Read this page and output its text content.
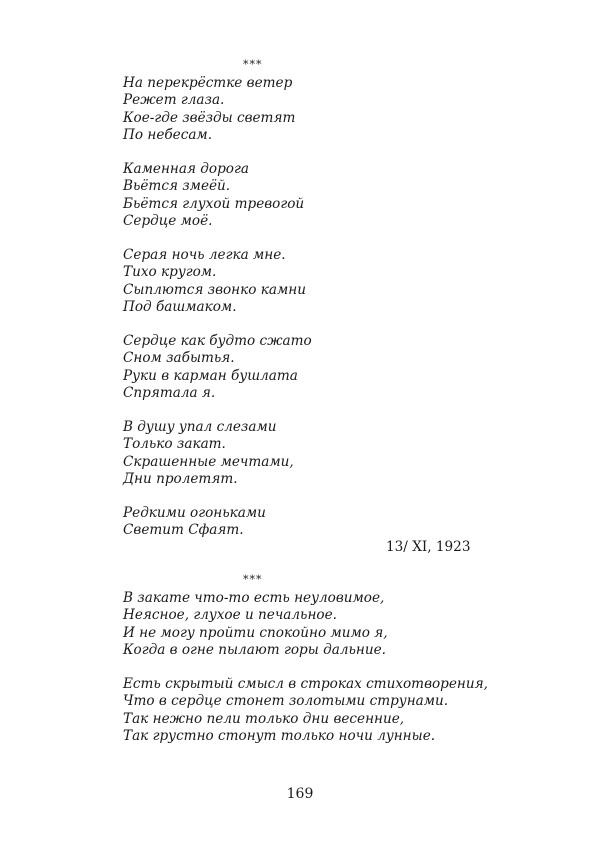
***
На перекрёстке ветер
Режет глаза.
Кое-где звёзды светят
По небесам.
Каменная дорога
Вьётся змеёй.
Бьётся глухой тревогой
Сердце моё.
Серая ночь легка мне.
Тихо кругом.
Сыплются звонко камни
Под башмаком.
Сердце как будто сжато
Сном забытья.
Руки в карман бушлата
Спрятала я.
В душу упал слезами
Только закат.
Скрашенные мечтами,
Дни пролетят.
Редкими огоньками
Светит Сфаят.
13/ XI, 1923
***
В закате что-то есть неуловимое,
Неясное, глухое и печальное.
И не могу пройти спокойно мимо я,
Когда в огне пылают горы дальние.
Есть скрытый смысл в строках стихотворения,
Что в сердце стонет золотыми струнами.
Так нежно пели только дни весенние,
Так грустно стонут только ночи лунные.
169
